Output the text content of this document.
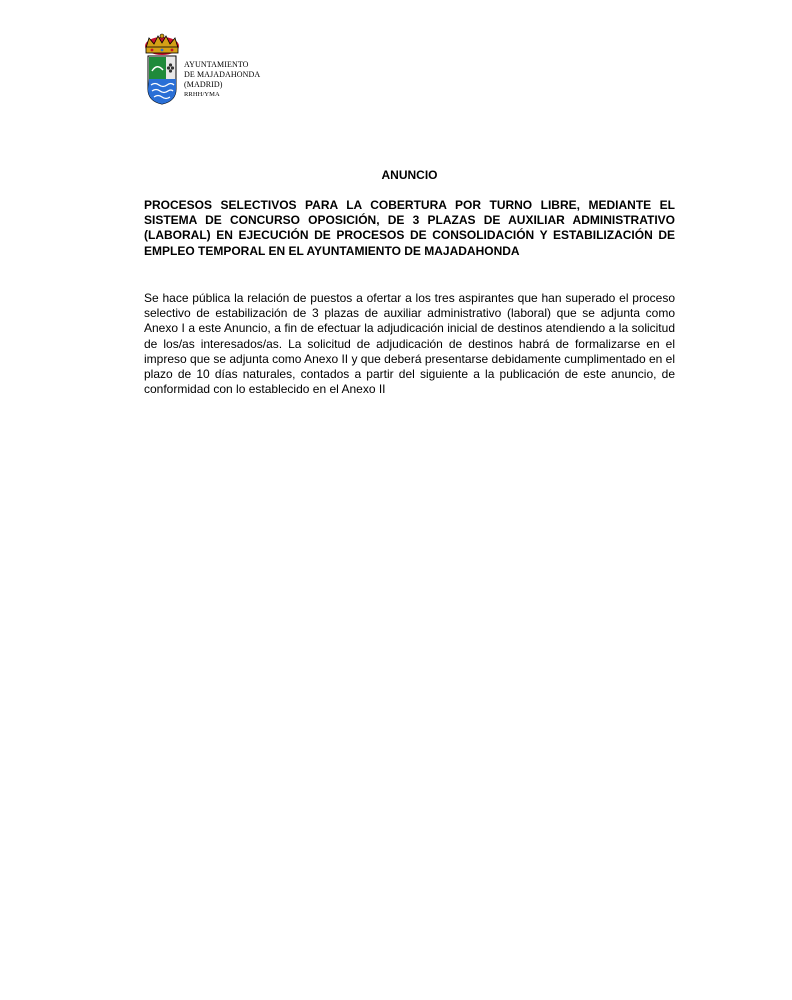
AYUNTAMIENTO
DE MAJADAHONDA
(MADRID)
RRHH/YMA
ANUNCIO
PROCESOS SELECTIVOS PARA LA COBERTURA POR TURNO LIBRE, MEDIANTE EL SISTEMA DE CONCURSO OPOSICIÓN, DE 3 PLAZAS DE AUXILIAR ADMINISTRATIVO (LABORAL) EN EJECUCIÓN DE PROCESOS DE CONSOLIDACIÓN Y ESTABILIZACIÓN DE EMPLEO TEMPORAL EN EL AYUNTAMIENTO DE MAJADAHONDA
Se hace pública la relación de puestos a ofertar a los tres aspirantes que han superado el proceso selectivo de estabilización de 3 plazas de auxiliar administrativo (laboral) que se adjunta como Anexo I a este Anuncio, a fin de efectuar la adjudicación inicial de destinos atendiendo a la solicitud de los/as interesados/as. La solicitud de adjudicación de destinos habrá de formalizarse en el impreso que se adjunta como Anexo II y que deberá presentarse debidamente cumplimentado en el plazo de 10 días naturales, contados a partir del siguiente a la publicación de este anuncio, de conformidad con lo establecido en el Anexo II
